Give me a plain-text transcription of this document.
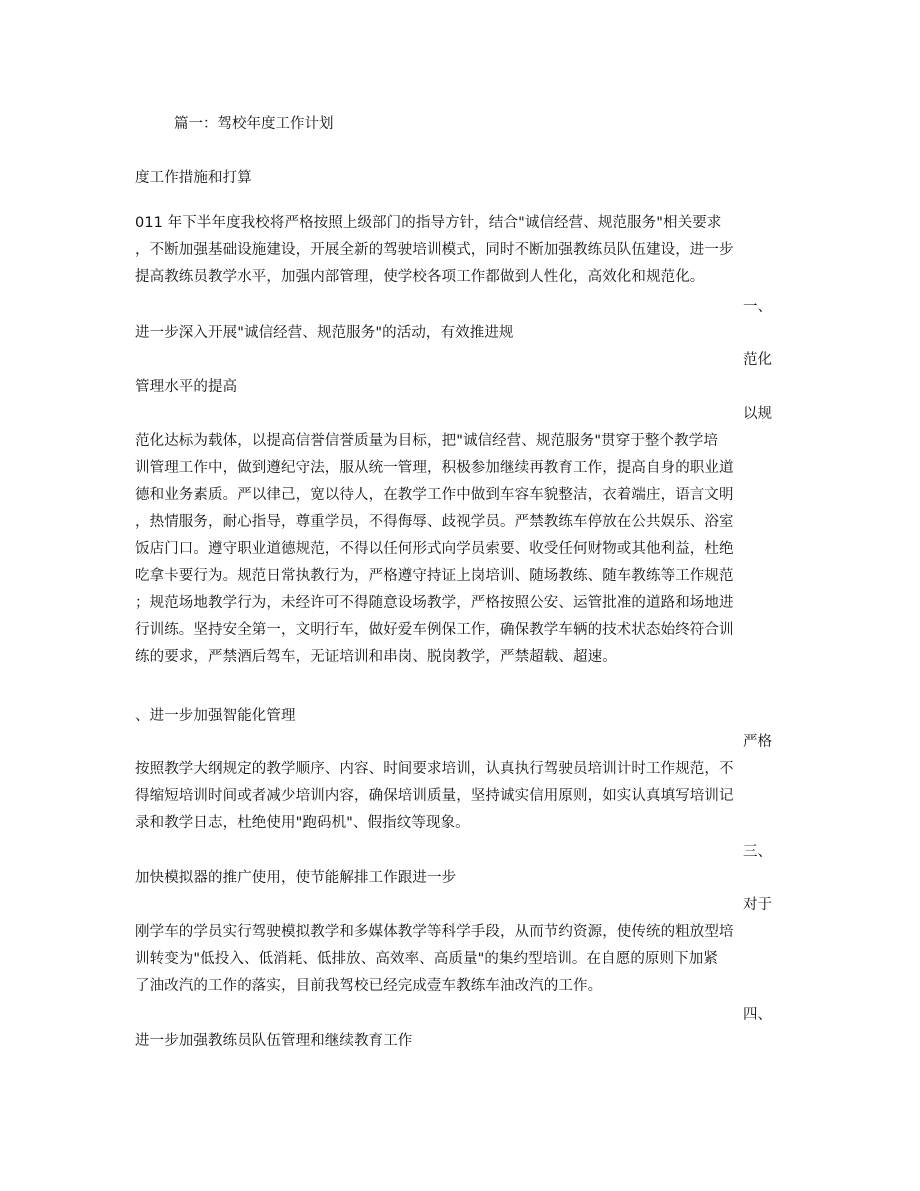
篇一：驾校年度工作计划
度工作措施和打算
011 年下半年度我校将严格按照上级部门的指导方针，结合"诚信经营、规范服务"相关要求
，不断加强基础设施建设，开展全新的驾驶培训模式，同时不断加强教练员队伍建设，进一步
提高教练员教学水平，加强内部管理，使学校各项工作都做到人性化，高效化和规范化。
一、
进一步深入开展"诚信经营、规范服务"的活动，有效推进规
范化
管理水平的提高
以规
范化达标为载体，以提高信誉信誉质量为目标，把"诚信经营、规范服务"贯穿于整个教学培
训管理工作中，做到遵纪守法，服从统一管理，积极参加继续再教育工作，提高自身的职业道
德和业务素质。严以律己，宽以待人，在教学工作中做到车容车貌整洁，衣着端庄，语言文明
，热情服务，耐心指导，尊重学员，不得侮辱、歧视学员。严禁教练车停放在公共娱乐、浴室
饭店门口。遵守职业道德规范，不得以任何形式向学员索要、收受任何财物或其他利益，杜绝
吃拿卡要行为。规范日常执教行为，严格遵守持证上岗培训、随场教练、随车教练等工作规范
；规范场地教学行为，未经许可不得随意设场教学，严格按照公安、运管批准的道路和场地进
行训练。坚持安全第一，文明行车，做好爱车例保工作，确保教学车辆的技术状态始终符合训
练的要求，严禁酒后驾车，无证培训和串岗、脱岗教学，严禁超载、超速。
、进一步加强智能化管理
严格
按照教学大纲规定的教学顺序、内容、时间要求培训，认真执行驾驶员培训计时工作规范，不
得缩短培训时间或者减少培训内容，确保培训质量，坚持诚实信用原则，如实认真填写培训记
录和教学日志，杜绝使用"跑码机"、假指纹等现象。
三、
加快模拟器的推广使用，使节能解排工作跟进一步
对于
刚学车的学员实行驾驶模拟教学和多媒体教学等科学手段，从而节约资源，使传统的粗放型培
训转变为"低投入、低消耗、低排放、高效率、高质量"的集约型培训。在自愿的原则下加紧
了油改汽的工作的落实，目前我驾校已经完成壹车教练车油改汽的工作。
四、
进一步加强教练员队伍管理和继续教育工作
